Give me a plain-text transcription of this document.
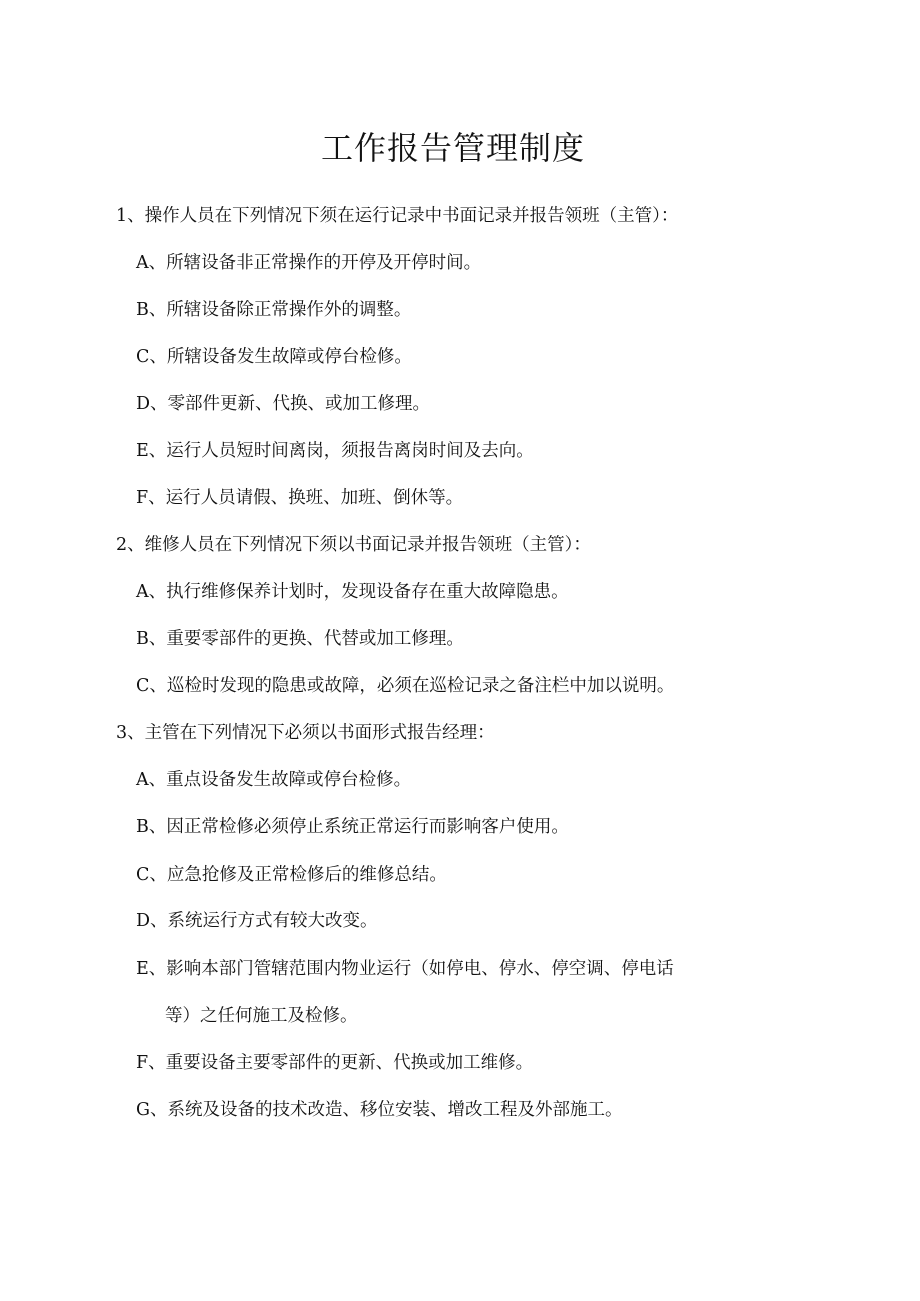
工作报告管理制度
1、操作人员在下列情况下须在运行记录中书面记录并报告领班（主管）：
A、所辖设备非正常操作的开停及开停时间。
B、所辖设备除正常操作外的调整。
C、所辖设备发生故障或停台检修。
D、零部件更新、代换、或加工修理。
E、运行人员短时间离岗，须报告离岗时间及去向。
F、运行人员请假、换班、加班、倒休等。
2、维修人员在下列情况下须以书面记录并报告领班（主管）：
A、执行维修保养计划时，发现设备存在重大故障隐患。
B、重要零部件的更换、代替或加工修理。
C、巡检时发现的隐患或故障，必须在巡检记录之备注栏中加以说明。
3、主管在下列情况下必须以书面形式报告经理：
A、重点设备发生故障或停台检修。
B、因正常检修必须停止系统正常运行而影响客户使用。
C、应急抢修及正常检修后的维修总结。
D、系统运行方式有较大改变。
E、影响本部门管辖范围内物业运行（如停电、停水、停空调、停电话
等）之任何施工及检修。
F、重要设备主要零部件的更新、代换或加工维修。
G、系统及设备的技术改造、移位安装、增改工程及外部施工。
